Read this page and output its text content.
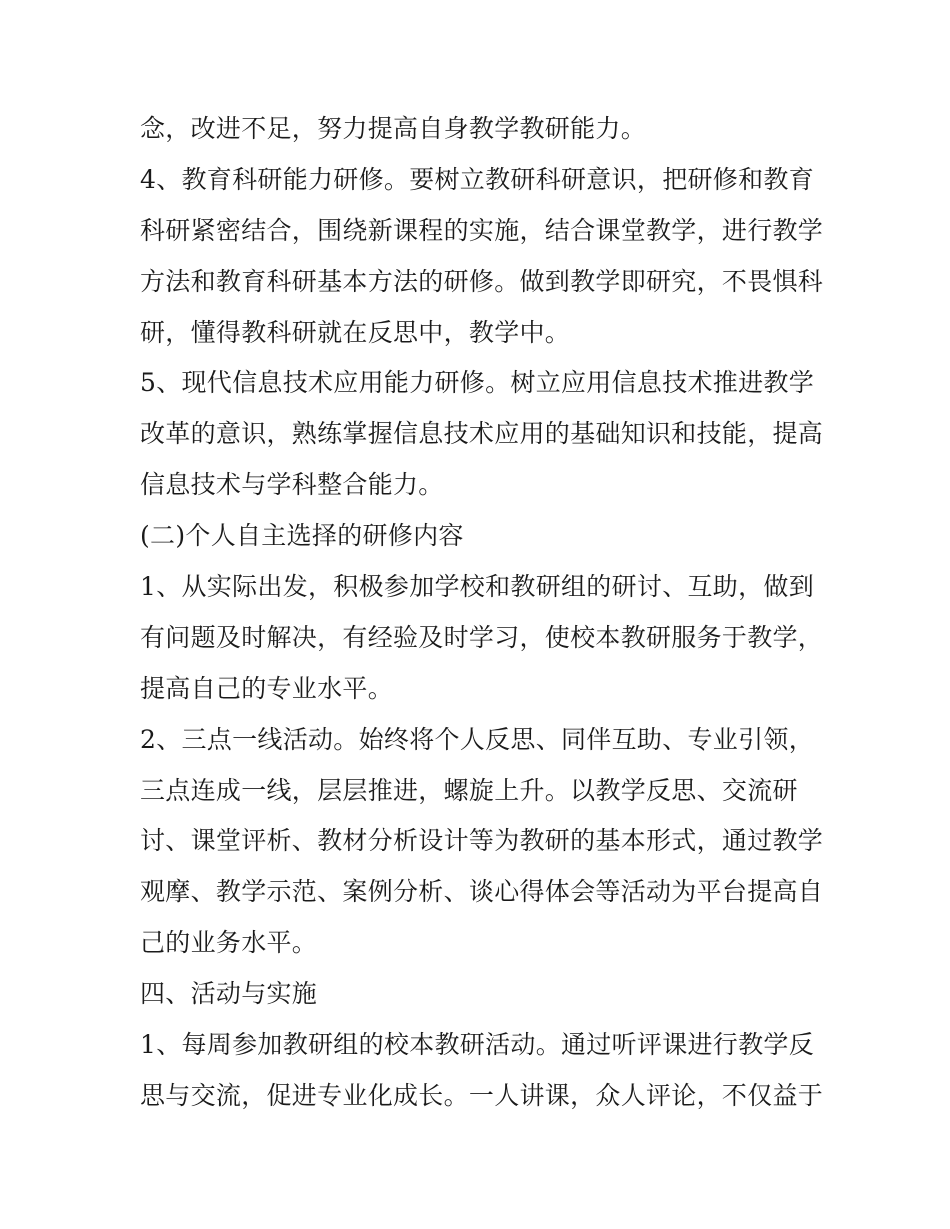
念，改进不足，努力提高自身教学教研能力。
4、教育科研能力研修。要树立教研科研意识，把研修和教育
科研紧密结合，围绕新课程的实施，结合课堂教学，进行教学
方法和教育科研基本方法的研修。做到教学即研究，不畏惧科
研，懂得教科研就在反思中，教学中。
5、现代信息技术应用能力研修。树立应用信息技术推进教学
改革的意识，熟练掌握信息技术应用的基础知识和技能，提高
信息技术与学科整合能力。
(二)个人自主选择的研修内容
1、从实际出发，积极参加学校和教研组的研讨、互助，做到
有问题及时解决，有经验及时学习，使校本教研服务于教学，
提高自己的专业水平。
2、三点一线活动。始终将个人反思、同伴互助、专业引领，
三点连成一线，层层推进，螺旋上升。以教学反思、交流研
讨、课堂评析、教材分析设计等为教研的基本形式，通过教学
观摩、教学示范、案例分析、谈心得体会等活动为平台提高自
己的业务水平。
四、活动与实施
1、每周参加教研组的校本教研活动。通过听评课进行教学反
思与交流，促进专业化成长。一人讲课，众人评论，不仅益于
